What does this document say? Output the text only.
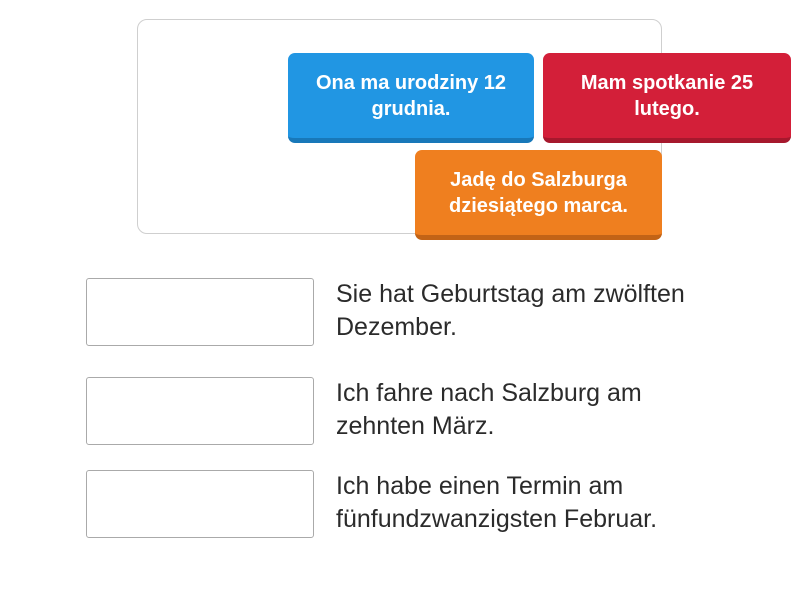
Ona ma urodziny 12 grudnia.
Mam spotkanie 25 lutego.
Jadę do Salzburga dziesiątego marca.
Sie hat Geburtstag am zwölften Dezember.
Ich fahre nach Salzburg am zehnten März.
Ich habe einen Termin am fünfundzwanzigsten Februar.
